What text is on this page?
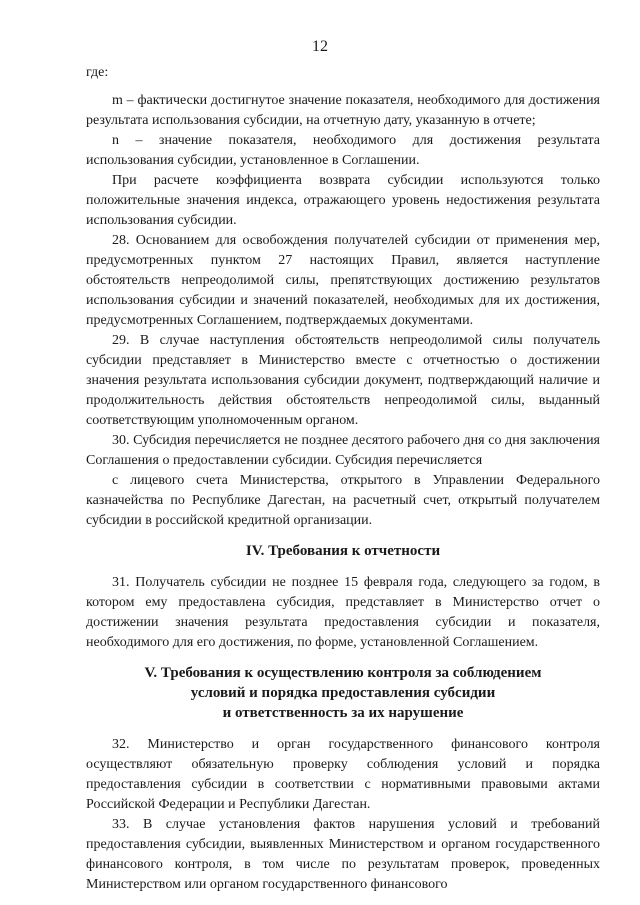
12

где:

m – фактически достигнутое значение показателя, необходимого для достижения результата использования субсидии, на отчетную дату, указанную в отчете;

n – значение показателя, необходимого для достижения результата использования субсидии, установленное в Соглашении.

При расчете коэффициента возврата субсидии используются только положительные значения индекса, отражающего уровень недостижения результата использования субсидии.

28. Основанием для освобождения получателей субсидии от применения мер, предусмотренных пунктом 27 настоящих Правил, является наступление обстоятельств непреодолимой силы, препятствующих достижению результатов использования субсидии и значений показателей, необходимых для их достижения, предусмотренных Соглашением, подтверждаемых документами.

29. В случае наступления обстоятельств непреодолимой силы получатель субсидии представляет в Министерство вместе с отчетностью о достижении значения результата использования субсидии документ, подтверждающий наличие и продолжительность действия обстоятельств непреодолимой силы, выданный соответствующим уполномоченным органом.

30. Субсидия перечисляется не позднее десятого рабочего дня со дня заключения Соглашения о предоставлении субсидии. Субсидия перечисляется

с лицевого счета Министерства, открытого в Управлении Федерального казначейства по Республике Дагестан, на расчетный счет, открытый получателем субсидии в российской кредитной организации.

IV. Требования к отчетности

31. Получатель субсидии не позднее 15 февраля года, следующего за годом, в котором ему предоставлена субсидия, представляет в Министерство отчет о достижении значения результата предоставления субсидии и показателя, необходимого для его достижения, по форме, установленной Соглашением.

V. Требования к осуществлению контроля за соблюдением
условий и порядка предоставления субсидии
и ответственность за их нарушение

32. Министерство и орган государственного финансового контроля осуществляют обязательную проверку соблюдения условий и порядка предоставления субсидии в соответствии с нормативными правовыми актами Российской Федерации и Республики Дагестан.

33. В случае установления фактов нарушения условий и требований предоставления субсидии, выявленных Министерством и органом государственного финансового контроля, в том числе по результатам проверок, проведенных Министерством или органом государственного финансового
